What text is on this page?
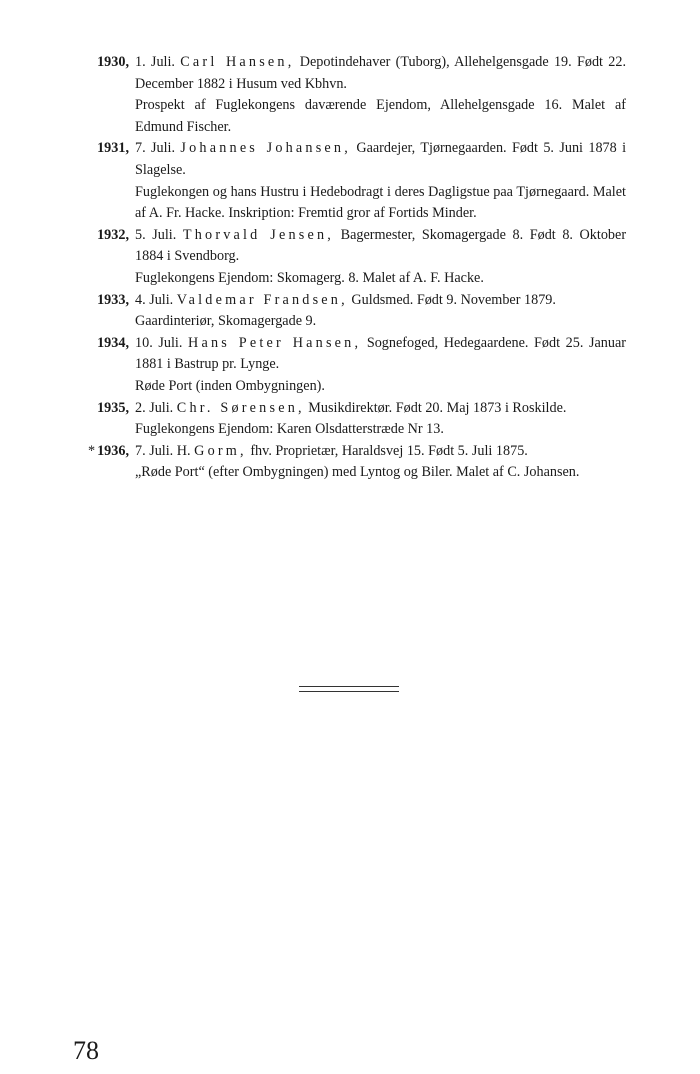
1930, 1. Juli. Carl Hansen, Depotindehaver (Tuborg), Allehelgensgade 19. Født 22. December 1882 i Husum ved Kbhvn.
Prospekt af Fuglekongens daværende Ejendom, Allehelgensgade 16. Malet af Edmund Fischer.
1931, 7. Juli. Johannes Johansen, Gaardejer, Tjørnegaarden. Født 5. Juni 1878 i Slagelse.
Fuglekongen og hans Hustru i Hedebodragt i deres Dagligstue paa Tjørnegaard. Malet af A. Fr. Hacke. Inskription: Fremtid gror af Fortids Minder.
1932, 5. Juli. Thorvald Jensen, Bagermester, Skomagergade 8. Født 8. Oktober 1884 i Svendborg.
Fuglekongens Ejendom: Skomagerg. 8. Malet af A. F. Hacke.
1933, 4. Juli. Valdemar Frandsen, Guldsmed. Født 9. November 1879.
Gaardinteriør, Skomagergade 9.
1934, 10. Juli. Hans Peter Hansen, Sognefoged, Hedegaardene. Født 25. Januar 1881 i Bastrup pr. Lynge.
Røde Port (inden Ombygningen).
1935, 2. Juli. Chr. Sørensen, Musikdirektør. Født 20. Maj 1873 i Roskilde.
Fuglekongens Ejendom: Karen Olsdatterstræde Nr 13.
* 1936, 7. Juli. H. Gorm, fhv. Proprietær, Haraldsvej 15. Født 5. Juli 1875.
„Røde Port“ (efter Ombygningen) med Lyntog og Biler. Malet af C. Johansen.
78
